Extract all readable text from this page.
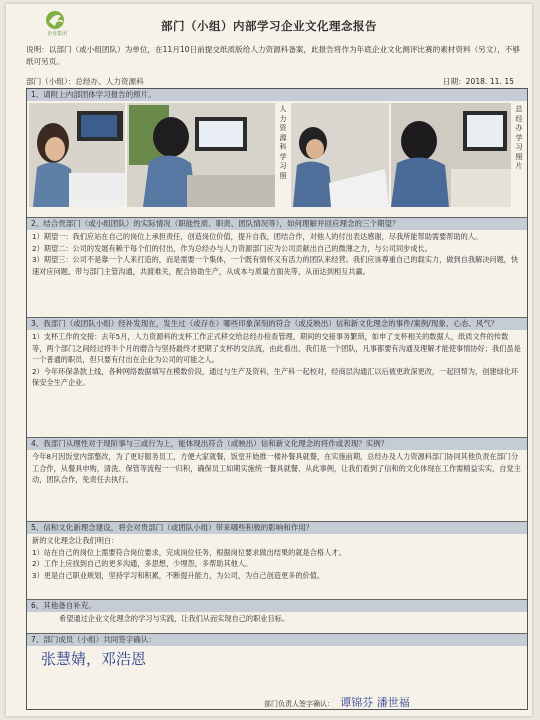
企业集团
部门（小组）内部学习企业文化理念报告
说明：以部门（或小组团队）为单位，在11月10日前提交纸质版给人力资源科备案，此报告将作为年底企业文化测评比赛的素材资料（另文），不够纸可另页。
部门（小组）：总经办、人力资源科	日期：2018. 11. 15
1、请附上内部团体学习报告的照片。
人力资源科学习照
总经办学习照片
2、结合贵部门（或小组团队）的实际情况（职能性质、职责、团队情况等），如何理解并回应理念的三个期望？
1）期望一：我们应站在自己的岗位上承担责任，创造岗位价值，提升自我，团结合作，对他人的付出表达感谢，尽我所能帮助需要帮助的人。
2）期望二：公司的发展有赖于每个们的付出，作为总经办与人力资源部门应为公司贡献出自己的微薄之力，与公司同步成长。
3）期望三：公司不是靠一个人来打造的，而是需要一个集体，一个既有情怀又有活力的团队来经营。我们应该尊重自己的载实力，做到自我解决问题，快速对应问题，带与部门主管沟通，共渡难关，配合协助生产，从成本与质量方面先等，从而达到相互共赢。
3、我部门（或团队小组）经补发现在，发生过（或存在）哪些印象深刻的符合（或反映出）信和新文化理念的事件/案例/现象、心态、风气？
1）支杯工作的交接：去年5月，人力资源科的支杯工作正式移交给总经办检查管理，期间的交接事务繁琐，如申了支杯相关的数据人，纸质文件的传数等，两个部门之间经过将半个月的磨合与坚持最终才把期了支杯的交法流，由此看出，我们是一个团队，凡事都要有沟通及理解才能使事情协好；我们虽是一个普通的职员，但只要有付出在企业为公司的可能之人。
2）今年环保条款上线，各种网络数据填写在模数价段，通过与生产及资科，生产科一起校对，经商层沟通汇以后被更政深更改，一起回帮为，创建绿化环保安全生产企业。
4、我部门从理性对于现阶事与三或行为上，能体现出符合（或映出）信和新文化理念的将作或表现？实例？
今年8月因饭堂内部整改，为了更好服务员工，方便大家就餐，饭堂开始推一楼补餐具就餐，在实施前期，总经办及人力资源科部门协同其他负责在部门分工合作，从餐具申购，清洗、保管等流程一一归积，确保员工如期实施统一餐具就餐，从此事例，让我们看到了信和的文化体现在工作需精益实实，自觉主动，团队合作，免责任去执行。
5、信和文化新理念建设，将会对贵部门（或团队小组）带来哪些积极的影响和作用？
新的文化理念让我们明白：
1）站在自己的岗位上需要符合岗位要求，完成岗位任务，根据岗位要求做出结果的就是合格人才。
2）工作上应找到自己的更多沟通，多思想，少埋怨，多帮助其他人。
3）更是自己职业规划，坚持学习和积累，不断提升能力，为公司，为自己创造更多的价值。
6、其他备自补充。
希望通过企业文化理念的学习与实践，让我们从而实现自己的职业目标。
7、部门成员（小组）共同签字确认：
张慧婧，邓浩恩
部门负责人签字确认： 谭锦芬 潘世福
